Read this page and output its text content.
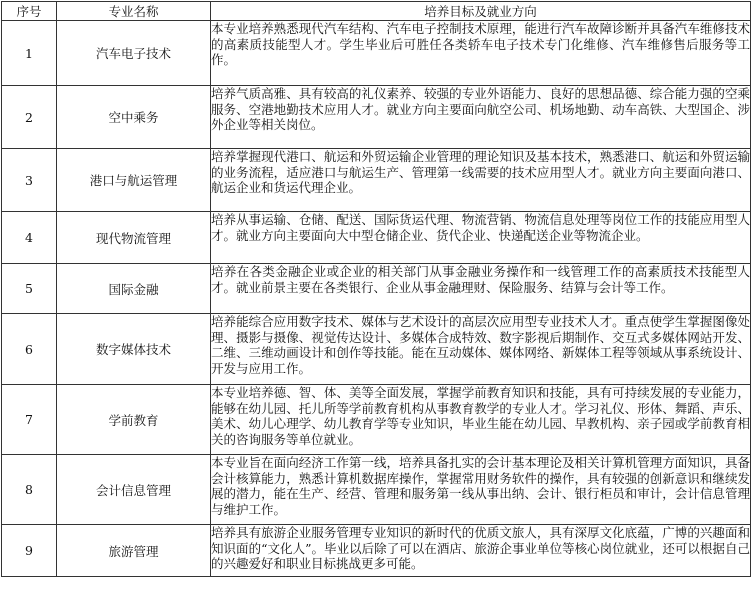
序号	专业名称	培养目标及就业方向
1	汽车电子技术	本专业培养熟悉现代汽车结构、汽车电子控制技术原理，能进行汽车故障诊断并具备汽车维修技术的高素质技能型人才。学生毕业后可胜任各类轿车电子技术专门化维修、汽车维修售后服务等工作。

2	空中乘务	培养气质高雅、具有较高的礼仪素养、较强的专业外语能力、良好的思想品德、综合能力强的空乘服务、空港地勤技术应用人才。就业方向主要面向航空公司、机场地勤、动车高铁、大型国企、涉外企业等相关岗位。

3	港口与航运管理	培养掌握现代港口、航运和外贸运输企业管理的理论知识及基本技术，熟悉港口、航运和外贸运输的业务流程，适应港口与航运生产、管理第一线需要的技术应用型人才。就业方向主要面向港口、航运企业和货运代理企业。

4	现代物流管理	培养从事运输、仓储、配送、国际货运代理、物流营销、物流信息处理等岗位工作的技能应用型人才。就业方向主要面向大中型仓储企业、货代企业、快递配送企业等物流企业。

5	国际金融	培养在各类金融企业或企业的相关部门从事金融业务操作和一线管理工作的高素质技术技能型人才。就业前景主要在各类银行、企业从事金融理财、保险服务、结算与会计等工作。

6	数字媒体技术	培养能综合应用数字技术、媒体与艺术设计的高层次应用型专业技术人才。重点使学生掌握图像处理、摄影与摄像、视觉传达设计、多媒体合成特效、数字影视后期制作、交互式多媒体网站开发、二维、三维动画设计和创作等技能。能在互动媒体、媒体网络、新媒体工程等领域从事系统设计、开发与应用工作。

7	学前教育	本专业培养德、智、体、美等全面发展，掌握学前教育知识和技能，具有可持续发展的专业能力，能够在幼儿园、托儿所等学前教育机构从事教育教学的专业人才。学习礼仪、形体、舞蹈、声乐、美术、幼儿心理学、幼儿教育学等专业知识，毕业生能在幼儿园、早教机构、亲子园或学前教育相关的咨询服务等单位就业。

8	会计信息管理	本专业旨在面向经济工作第一线，培养具备扎实的会计基本理论及相关计算机管理方面知识，具备会计核算能力，熟悉计算机数据库操作，掌握常用财务软件的操作，具有较强的创新意识和继续发展的潜力，能在生产、经营、管理和服务第一线从事出纳、会计、银行柜员和审计，会计信息管理与维护工作。

9	旅游管理	培养具有旅游企业服务管理专业知识的新时代的优质文旅人，具有深厚文化底蕴，广博的兴趣面和知识面的“文化人”。毕业以后除了可以在酒店、旅游企事业单位等核心岗位就业，还可以根据自己的兴趣爱好和职业目标挑战更多可能。
